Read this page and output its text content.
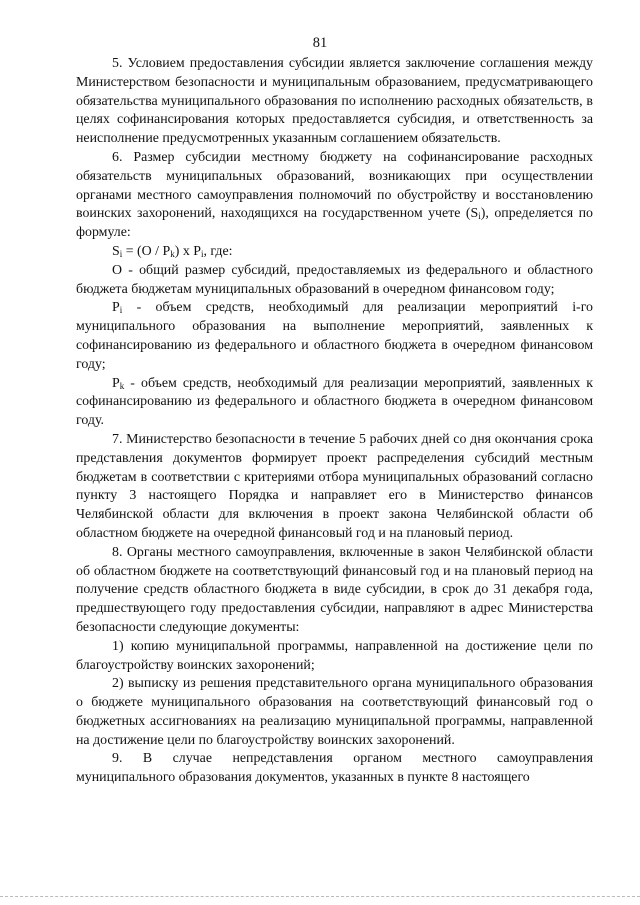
81

5. Условием предоставления субсидии является заключение соглашения между Министерством безопасности и муниципальным образованием, предусматривающего обязательства муниципального образования по исполнению расходных обязательств, в целях софинансирования которых предоставляется субсидия, и ответственность за неисполнение предусмотренных указанным соглашением обязательств.

6. Размер субсидии местному бюджету на софинансирование расходных обязательств муниципальных образований, возникающих при осуществлении органами местного самоуправления полномочий по обустройству и восстановлению воинских захоронений, находящихся на государственном учете $(S_i)$, определяется по формуле:

$S_i = (O / P_k)$ x $P_i$, где:

О - общий размер субсидий, предоставляемых из федерального и областного бюджета бюджетам муниципальных образований в очередном финансовом году;

$P_i$ - объем средств, необходимый для реализации мероприятий i-го муниципального образования на выполнение мероприятий, заявленных к софинансированию из федерального и областного бюджета в очередном финансовом году;

$P_k$ - объем средств, необходимый для реализации мероприятий, заявленных к софинансированию из федерального и областного бюджета в очередном финансовом году.

7. Министерство безопасности в течение 5 рабочих дней со дня окончания срока представления документов формирует проект распределения субсидий местным бюджетам в соответствии с критериями отбора муниципальных образований согласно пункту 3 настоящего Порядка и направляет его в Министерство финансов Челябинской области для включения в проект закона Челябинской области об областном бюджете на очередной финансовый год и на плановый период.

8. Органы местного самоуправления, включенные в закон Челябинской области об областном бюджете на соответствующий финансовый год и на плановый период на получение средств областного бюджета в виде субсидии, в срок до 31 декабря года, предшествующего году предоставления субсидии, направляют в адрес Министерства безопасности следующие документы:

1) копию муниципальной программы, направленной на достижение цели по благоустройству воинских захоронений;

2) выписку из решения представительного органа муниципального образования о бюджете муниципального образования на соответствующий финансовый год о бюджетных ассигнованиях на реализацию муниципальной программы, направленной на достижение цели по благоустройству воинских захоронений.

9. В случае непредставления органом местного самоуправления муниципального образования документов, указанных в пункте 8 настоящего
